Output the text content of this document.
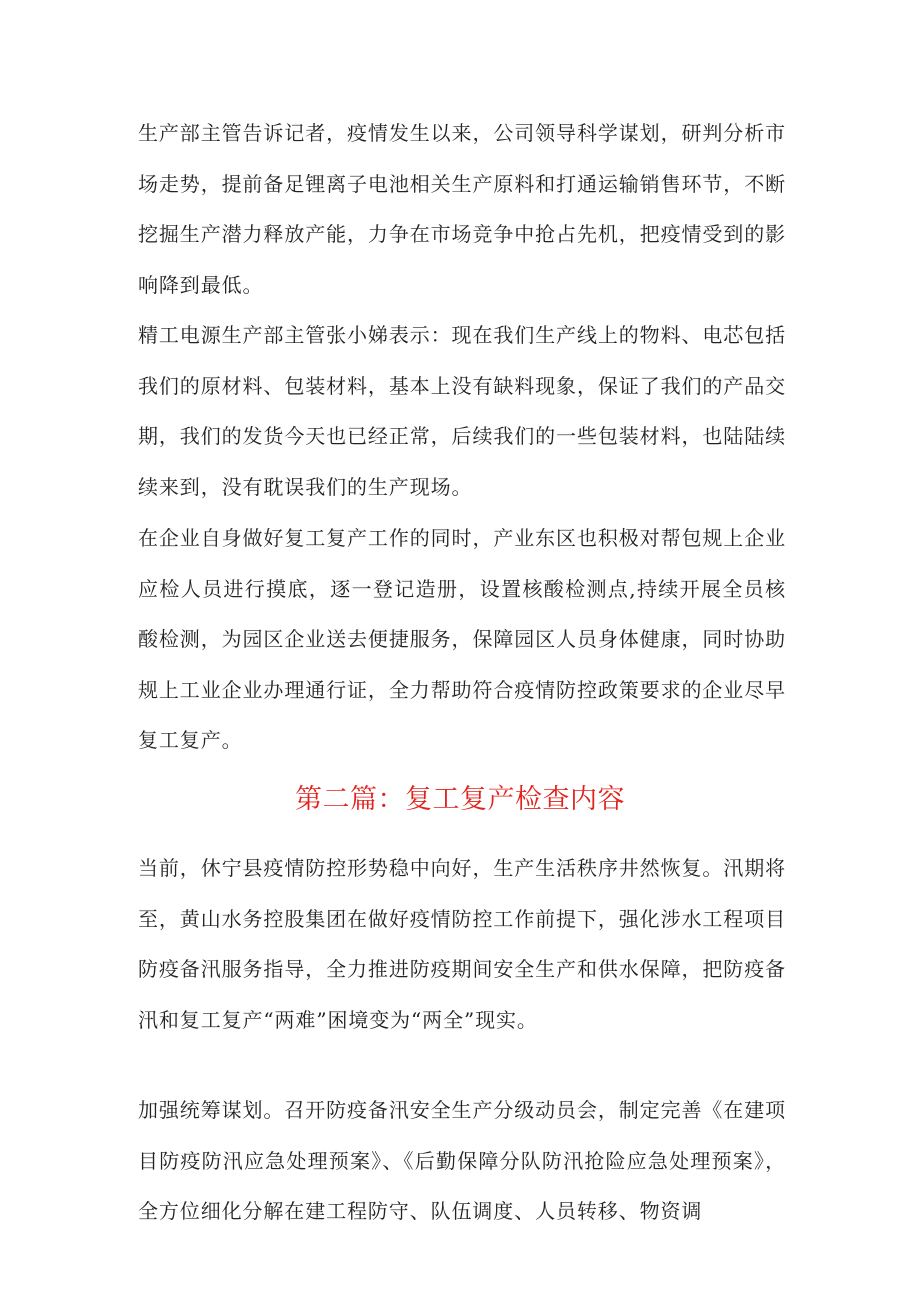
生产部主管告诉记者，疫情发生以来，公司领导科学谋划，研判分析市场走势，提前备足锂离子电池相关生产原料和打通运输销售环节，不断挖掘生产潜力释放产能，力争在市场竞争中抢占先机，把疫情受到的影响降到最低。

精工电源生产部主管张小娣表示：现在我们生产线上的物料、电芯包括我们的原材料、包装材料，基本上没有缺料现象，保证了我们的产品交期，我们的发货今天也已经正常，后续我们的一些包装材料，也陆陆续续来到，没有耽误我们的生产现场。

在企业自身做好复工复产工作的同时，产业东区也积极对帮包规上企业应检人员进行摸底，逐一登记造册，设置核酸检测点,持续开展全员核酸检测，为园区企业送去便捷服务，保障园区人员身体健康，同时协助规上工业企业办理通行证，全力帮助符合疫情防控政策要求的企业尽早复工复产。

第二篇：复工复产检查内容

当前，休宁县疫情防控形势稳中向好，生产生活秩序井然恢复。汛期将至，黄山水务控股集团在做好疫情防控工作前提下，强化涉水工程项目防疫备汛服务指导，全力推进防疫期间安全生产和供水保障，把防疫备汛和复工复产“两难”困境变为“两全”现实。

加强统筹谋划。召开防疫备汛安全生产分级动员会，制定完善《在建项目防疫防汛应急处理预案》、《后勤保障分队防汛抢险应急处理预案》，全方位细化分解在建工程防守、队伍调度、人员转移、物资调
